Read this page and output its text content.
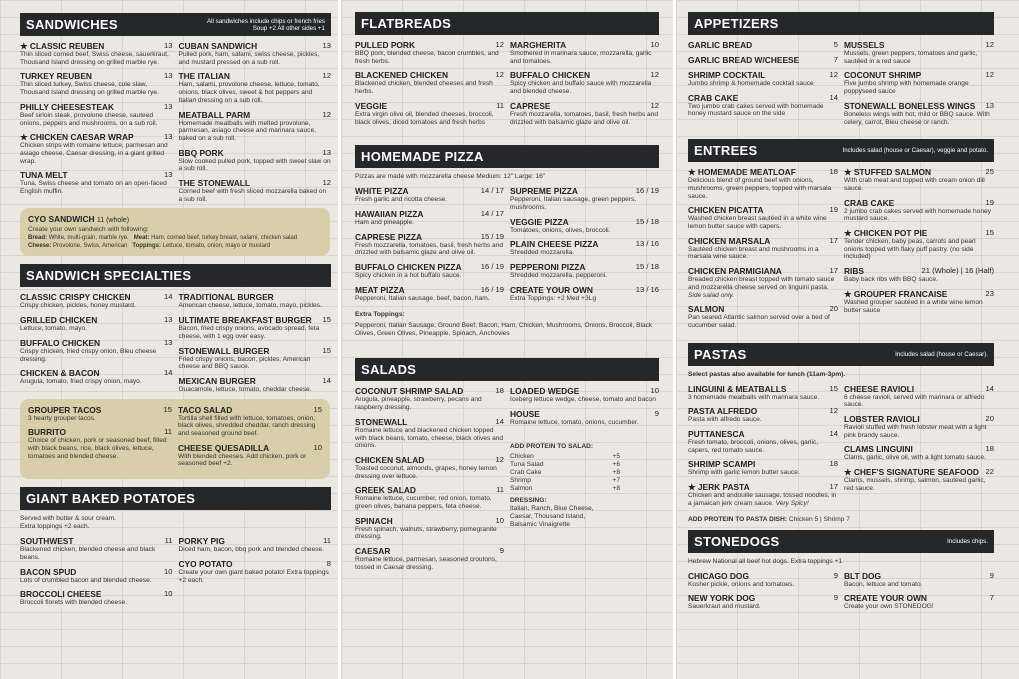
SANDWICHES	All sandwiches include chips or french fries
Soup +2 All other sides +1
★ CLASSIC REUBEN	13
Thin sliced corned beef, Swiss cheese, sauerkraut, Thousand Island dressing on grilled marble rye.
TURKEY REUBEN	13
Thin sliced turkey, Swiss cheese, cole slaw, Thousand Island dressing on grilled marble rye.
PHILLY CHEESESTEAK	13
Beef sirloin steak, provolone cheese, sauteed onions, peppers and mushrooms, on a sub roll.
★ CHICKEN CAESAR WRAP	13
Chicken strips with romaine lettuce, parmesan and asiago cheese, Caesar dressing, in a giant grilled wrap.
TUNA MELT	13
Tuna, Swiss cheese and tomato on an open-faced English muffin.
CUBAN SANDWICH	13
Pulled pork, ham, salami, swiss cheese, pickles, and mustard pressed on a sub roll.
THE ITALIAN	12
Ham, salami, provolone cheese, lettuce, tomato, onions, black olives, sweet & hot peppers and Italian dressing on a sub roll.
MEATBALL PARM	12
Homemade meatballs with melted provolone, parmesan, asiago cheese and marinara sauce, baked on a sub roll.
BBQ PORK	13
Slow cooked pulled pork, topped with sweet slaw on a sub roll.
THE STONEWALL	12
Corned beef with fresh sliced mozzarella baked on a sub roll.
CYO SANDWICH 11 (whole)
Create your own sandwich with following:
Bread: White, multi-grain, marble rye. Meat: Ham, corned beef, turkey breast, salami, chicken salad
Cheese: Provolone, Swiss, American Toppings: Lettuce, tomato, onion, mayo or mustard
SANDWICH SPECIALTIES
CLASSIC CRISPY CHICKEN	14
Crispy chicken, pickles, honey mustard.
GRILLED CHICKEN	13
Lettuce, tomato, mayo.
BUFFALO CHICKEN	13
Crispy chicken, fried crispy onion, Bleu cheese dressing.
CHICKEN & BACON	14
Arugula, tomato, fried crispy onion, mayo.
TRADITIONAL BURGER
American cheese, lettuce, tomato, mayo, pickles.
ULTIMATE BREAKFAST BURGER	15
Bacon, fried crispy onions, avocado spread, feta cheese, with 1 egg over easy.
STONEWALL BURGER	15
Fried crispy onions, bacon, pickles, American cheese and BBQ sauce.
MEXICAN BURGER	14
Guacamole, lettuce, tomato, cheddar cheese.
GROUPER TACOS	15
3 hearty grouper tacos.
BURRITO	11
Choice of chicken, pork or seasoned beef, filled with black beans, rice, black olives, lettuce, tomatoes and blended cheese.
TACO SALAD	15
Tortilla shell filled with lettuce, tomatoes, onion, black olives, shredded cheddar, ranch dressing and seasoned ground beef.
CHEESE QUESADILLA	10
With blended cheeses. Add chicken, pork or seasoned beef +2.
GIANT BAKED POTATOES
Served with butter & sour cream.
Extra toppings +2 each.
SOUTHWEST	11
Blackened chicken, blended cheese and black beans.
BACON SPUD	10
Lots of crumbled bacon and blended cheese.
BROCCOLI CHEESE	10
Broccoli florets with blended cheese.
PORKY PIG	11
Diced ham, bacon, bbq pork and blended cheese.
CYO POTATO	8
Create your own giant baked potato! Extra toppings +2 each.
FLATBREADS
PULLED PORK	12
BBQ pork, blended cheese, bacon crumbles, and fresh herbs.
BLACKENED CHICKEN	12
Blackened chicken, blended cheeses and fresh herbs.
VEGGIE	11
Extra virgin olive oil, blended cheeses, broccoli, black olives, diced tomatoes and fresh herbs
MARGHERITA	10
Smothered in marinara sauce, mozzarella, garlic and tomatoes.
BUFFALO CHICKEN	12
Spicy chicken and buffalo sauce with mozzarella and blended cheese.
CAPRESE	12
Fresh mozzarella, tomatoes, basil, fresh herbs and drizzled with balsamic glaze and olive oil.
HOMEMADE PIZZA
Pizzas are made with mozzarella cheese Medium: 12" Large: 16"
WHITE PIZZA	14 / 17
Fresh garlic and ricotta cheese.
HAWAIIAN PIZZA	14 / 17
Ham and pineapple.
CAPRESE PIZZA	15 / 19
Fresh mozzarella, tomatoes, basil, fresh herbs and drizzled with balsamic glaze and olive oil.
BUFFALO CHICKEN PIZZA	16 / 19
Spicy chicken in a hot buffalo sauce.
MEAT PIZZA	16 / 19
Pepperoni, Italian sausage, beef, bacon, ham.
SUPREME PIZZA	16 / 19
Pepperoni, Italian sausage, green peppers, mushrooms.
VEGGIE PIZZA	15 / 18
Tomatoes, onions, olives, broccoli.
PLAIN CHEESE PIZZA	13 / 16
Shredded mozzarella.
PEPPERONI PIZZA	15 / 18
Shredded mozzarella, pepperoni.
CREATE YOUR OWN	13 / 16
Extra Toppings: +2 Med +3Lg
Extra Toppings:
Pepperoni, Italian Sausage, Ground Beef, Bacon, Ham, Chicken, Mushrooms, Onions, Broccoli, Black Olives, Green Olives, Pineapple, Spinach, Anchovies
SALADS
COCONUT SHRIMP SALAD	18
Arugula, pineapple, strawberry, pecans and raspberry dressing.
STONEWALL	14
Romaine lettuce and blackened chicken topped with black beans, tomato, cheese, black olives and onions.
CHICKEN SALAD	12
Toasted coconut, almonds, grapes, honey lemon dressing over lettuce.
GREEK SALAD	11
Romaine lettuce, cucumber, red onion, tomato, green olives, banana peppers, feta cheese.
SPINACH	10
Fresh spinach, walnuts, strawberry, pomegranite dressing.
CAESAR	9
Romaine lettuce, parmesan, seasoned croutons, tossed in Caesar dressing.
LOADED WEDGE	10
Iceberg lettuce wedge, cheese, tomato and bacon
HOUSE	9
Romaine lettuce, tomato, onions, cucumber.
ADD PROTEIN TO SALAD:
Chicken	+5
Tuna Salad	+6
Crab Cake	+8
Shrimp	+7
Salmon	+8
DRESSING:
Italian, Ranch, Blue Cheese, Caesar, Thousand Island, Balsamic Vinaigrette
APPETIZERS
GARLIC BREAD	5
GARLIC BREAD W/CHEESE	7
SHRIMP COCKTAIL	12
Jumbo shrimp & homemade cocktail sauce
CRAB CAKE	14
Two jumbo crab cakes served with homemade honey mustard sauce on the side
MUSSELS	12
Mussels, green peppers, tomatoes and garlic, sautéed in a red sauce
COCONUT SHRIMP	12
Five jumbo shrimp with homemade orange poppyseed sauce
STONEWALL BONELESS WINGS	13
Boneless wings with hot, mild or BBQ sauce. With celery, carrot, Bleu cheese or ranch.
ENTREES	Includes salad (house or Caesar), veggie and potato.
★ HOMEMADE MEATLOAF	18
Delicious blend of ground beef with onions, mushrooms, green peppers, topped with marsala sauce.
CHICKEN PICATTA	19
Washed chicken breast sautéed in a white wine lemon butter sauce with capers.
CHICKEN MARSALA	17
Sautéed chicken breast and mushrooms in a marsala wine sauce.
CHICKEN PARMIGIANA	17
Breaded chicken breast topped with tomato sauce and mozzarella cheese served on linguini pasta. Side salad only.
SALMON	20
Pan seared Atlantic salmon served over a bed of cucumber salad.
★ STUFFED SALMON	25
With crab meat and topped with cream onion dill sauce.
CRAB CAKE	19
2 jumbo crab cakes served with homemade honey mustard sauce.
★ CHICKEN POT PIE	15
Tender chicken, baby peas, carrots and pearl onions topped with flaky puff pastry. (no side included)
RIBS	21 (Whole) | 16 (Half)
Baby back ribs with BBQ sauce.
★ GROUPER FRANCAISE	23
Washed grouper sautéed in a white wine lemon butter sauce
PASTAS	Includes salad (house or Caesar).
Select pastas also available for lunch (11am-3pm).
LINGUINI & MEATBALLS	15
3 homemade meatballs with marinara sauce.
PASTA ALFREDO	12
Pasta with alfredo sauce.
PUTTANESCA	14
Fresh tomato, broccoli, onions, olives, garlic, capers, red tomato sauce.
SHRIMP SCAMPI	18
Shrimp with garlic lemon butter sauce.
★ JERK PASTA	17
Chicken and andouille sausage, tossed noodles, in a jamaican jerk cream sauce. Very Spicy!
CHEESE RAVIOLI	14
6 cheese ravioli, served with marinara or alfredo sauce.
LOBSTER RAVIOLI	20
Ravioli stuffed with fresh lobster meat with a light pink brandy sauce.
CLAMS LINGUINI	18
Clams, garlic, olive oil, with a light tomato sauce.
★ CHEF'S SIGNATURE SEAFOOD 22
Clams, mussels, shrimp, salmon, sauteed garlic, red sauce.
ADD PROTEIN TO PASTA DISH: Chicken 5 | Shrimp 7
STONEDOGS	Includes chips.
Hebrew National all beef hot dogs. Extra toppings +1
CHICAGO DOG	9
Kosher pickle, onions and tomatoes.
NEW YORK DOG	9
Sauerkraut and mustard.
BLT DOG	9
Bacon, lettuce and tomato.
CREATE YOUR OWN	7
Create your own STONEDOG!
